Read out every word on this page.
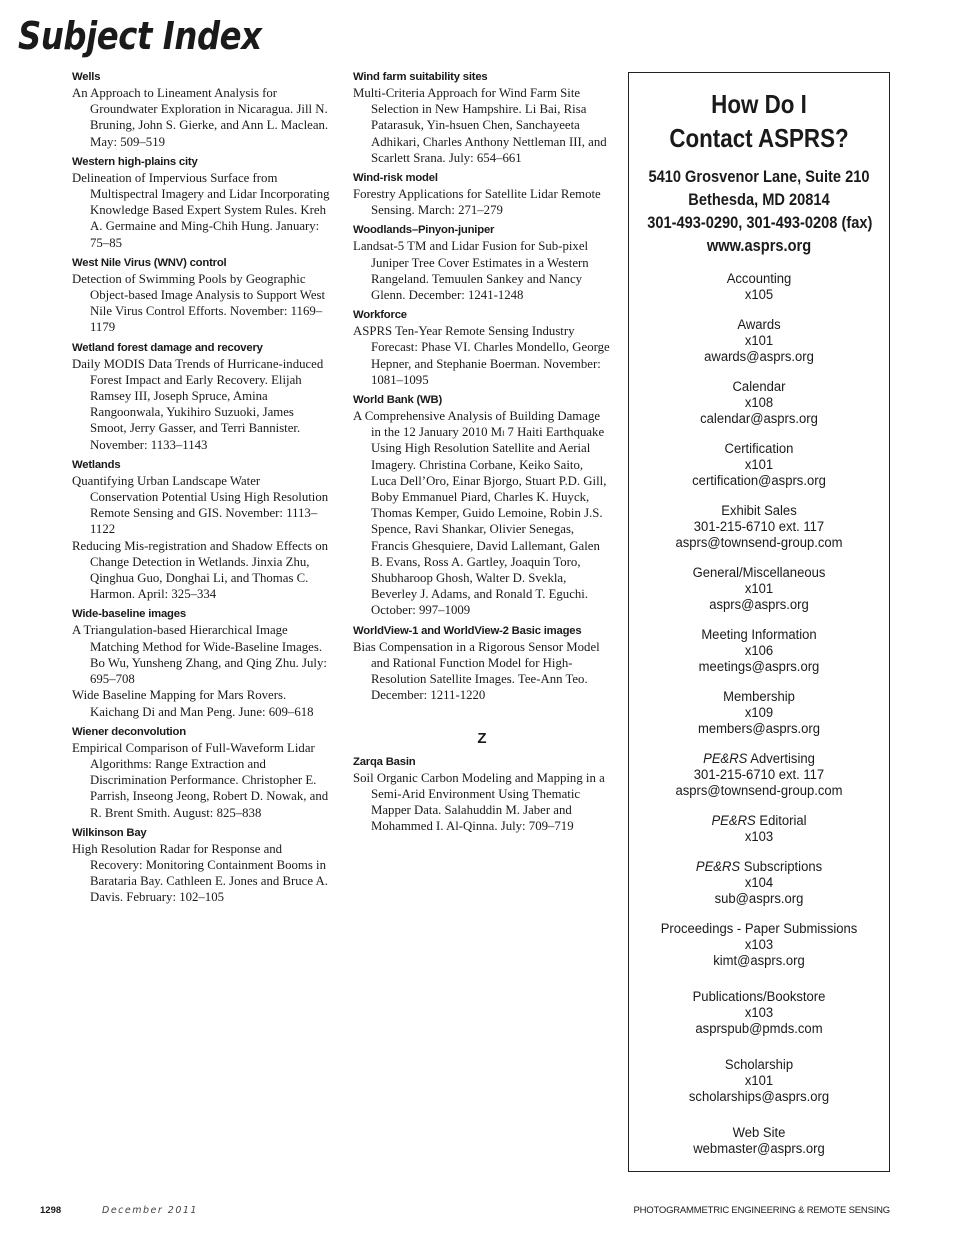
Subject Index
Wells
An Approach to Lineament Analysis for Groundwater Exploration in Nicaragua. Jill N. Bruning, John S. Gierke, and Ann L. Maclean. May: 509–519
Western high-plains city
Delineation of Impervious Surface from Multispectral Imagery and Lidar Incorporating Knowledge Based Expert System Rules. Kreh A. Germaine and Ming-Chih Hung. January: 75–85
West Nile Virus (WNV) control
Detection of Swimming Pools by Geographic Object-based Image Analysis to Support West Nile Virus Control Efforts. November: 1169–1179
Wetland forest damage and recovery
Daily MODIS Data Trends of Hurricane-induced Forest Impact and Early Recovery. Elijah Ramsey III, Joseph Spruce, Amina Rangoonwala, Yukihiro Suzuoki, James Smoot, Jerry Gasser, and Terri Bannister. November: 1133–1143
Wetlands
Quantifying Urban Landscape Water Conservation Potential Using High Resolution Remote Sensing and GIS. November: 1113–1122
Reducing Mis-registration and Shadow Effects on Change Detection in Wetlands. Jinxia Zhu, Qinghua Guo, Donghai Li, and Thomas C. Harmon. April: 325–334
Wide-baseline images
A Triangulation-based Hierarchical Image Matching Method for Wide-Baseline Images. Bo Wu, Yunsheng Zhang, and Qing Zhu. July: 695–708
Wide Baseline Mapping for Mars Rovers. Kaichang Di and Man Peng. June: 609–618
Wiener deconvolution
Empirical Comparison of Full-Waveform Lidar Algorithms: Range Extraction and Discrimination Performance. Christopher E. Parrish, Inseong Jeong, Robert D. Nowak, and R. Brent Smith. August: 825–838
Wilkinson Bay
High Resolution Radar for Response and Recovery: Monitoring Containment Booms in Barataria Bay. Cathleen E. Jones and Bruce A. Davis. February: 102–105
Wind farm suitability sites
Multi-Criteria Approach for Wind Farm Site Selection in New Hampshire. Li Bai, Risa Patarasuk, Yin-hsuen Chen, Sanchayeeta Adhikari, Charles Anthony Nettleman III, and Scarlett Srana. July: 654–661
Wind-risk model
Forestry Applications for Satellite Lidar Remote Sensing. March: 271–279
Woodlands–Pinyon-juniper
Landsat-5 TM and Lidar Fusion for Sub-pixel Juniper Tree Cover Estimates in a Western Rangeland. Temuulen Sankey and Nancy Glenn. December: 1241-1248
Workforce
ASPRS Ten-Year Remote Sensing Industry Forecast: Phase VI. Charles Mondello, George Hepner, and Stephanie Boerman. November: 1081–1095
World Bank (WB)
A Comprehensive Analysis of Building Damage in the 12 January 2010 Mₗ 7 Haiti Earthquake Using High Resolution Satellite and Aerial Imagery. Christina Corbane, Keiko Saito, Luca Dell’Oro, Einar Bjorgo, Stuart P.D. Gill, Boby Emmanuel Piard, Charles K. Huyck, Thomas Kemper, Guido Lemoine, Robin J.S. Spence, Ravi Shankar, Olivier Senegas, Francis Ghesquiere, David Lallemant, Galen B. Evans, Ross A. Gartley, Joaquin Toro, Shubharoop Ghosh, Walter D. Svekla, Beverley J. Adams, and Ronald T. Eguchi. October: 997–1009
WorldView-1 and WorldView-2 Basic images
Bias Compensation in a Rigorous Sensor Model and Rational Function Model for High-Resolution Satellite Images. Tee-Ann Teo. December: 1211-1220
Z
Zarqa Basin
Soil Organic Carbon Modeling and Mapping in a Semi-Arid Environment Using Thematic Mapper Data. Salahuddin M. Jaber and Mohammed I. Al-Qinna. July: 709–719
How Do I
Contact ASPRS?
5410 Grosvenor Lane, Suite 210
Bethesda, MD 20814
301-493-0290, 301-493-0208 (fax)
www.asprs.org
Accounting
x105
Awards
x101
awards@asprs.org
Calendar
x108
calendar@asprs.org
Certification
x101
certification@asprs.org
Exhibit Sales
301-215-6710 ext. 117
asprs@townsend-group.com
General/Miscellaneous
x101
asprs@asprs.org
Meeting Information
x106
meetings@asprs.org
Membership
x109
members@asprs.org
PE&RS Advertising
301-215-6710 ext. 117
asprs@townsend-group.com
PE&RS Editorial
x103
PE&RS Subscriptions
x104
sub@asprs.org
Proceedings - Paper Submissions
x103
kimt@asprs.org
Publications/Bookstore
x103
asprspub@pmds.com
Scholarship
x101
scholarships@asprs.org
Web Site
webmaster@asprs.org
1298	December 2011	PHOTOGRAMMETRIC ENGINEERING & REMOTE SENSING
